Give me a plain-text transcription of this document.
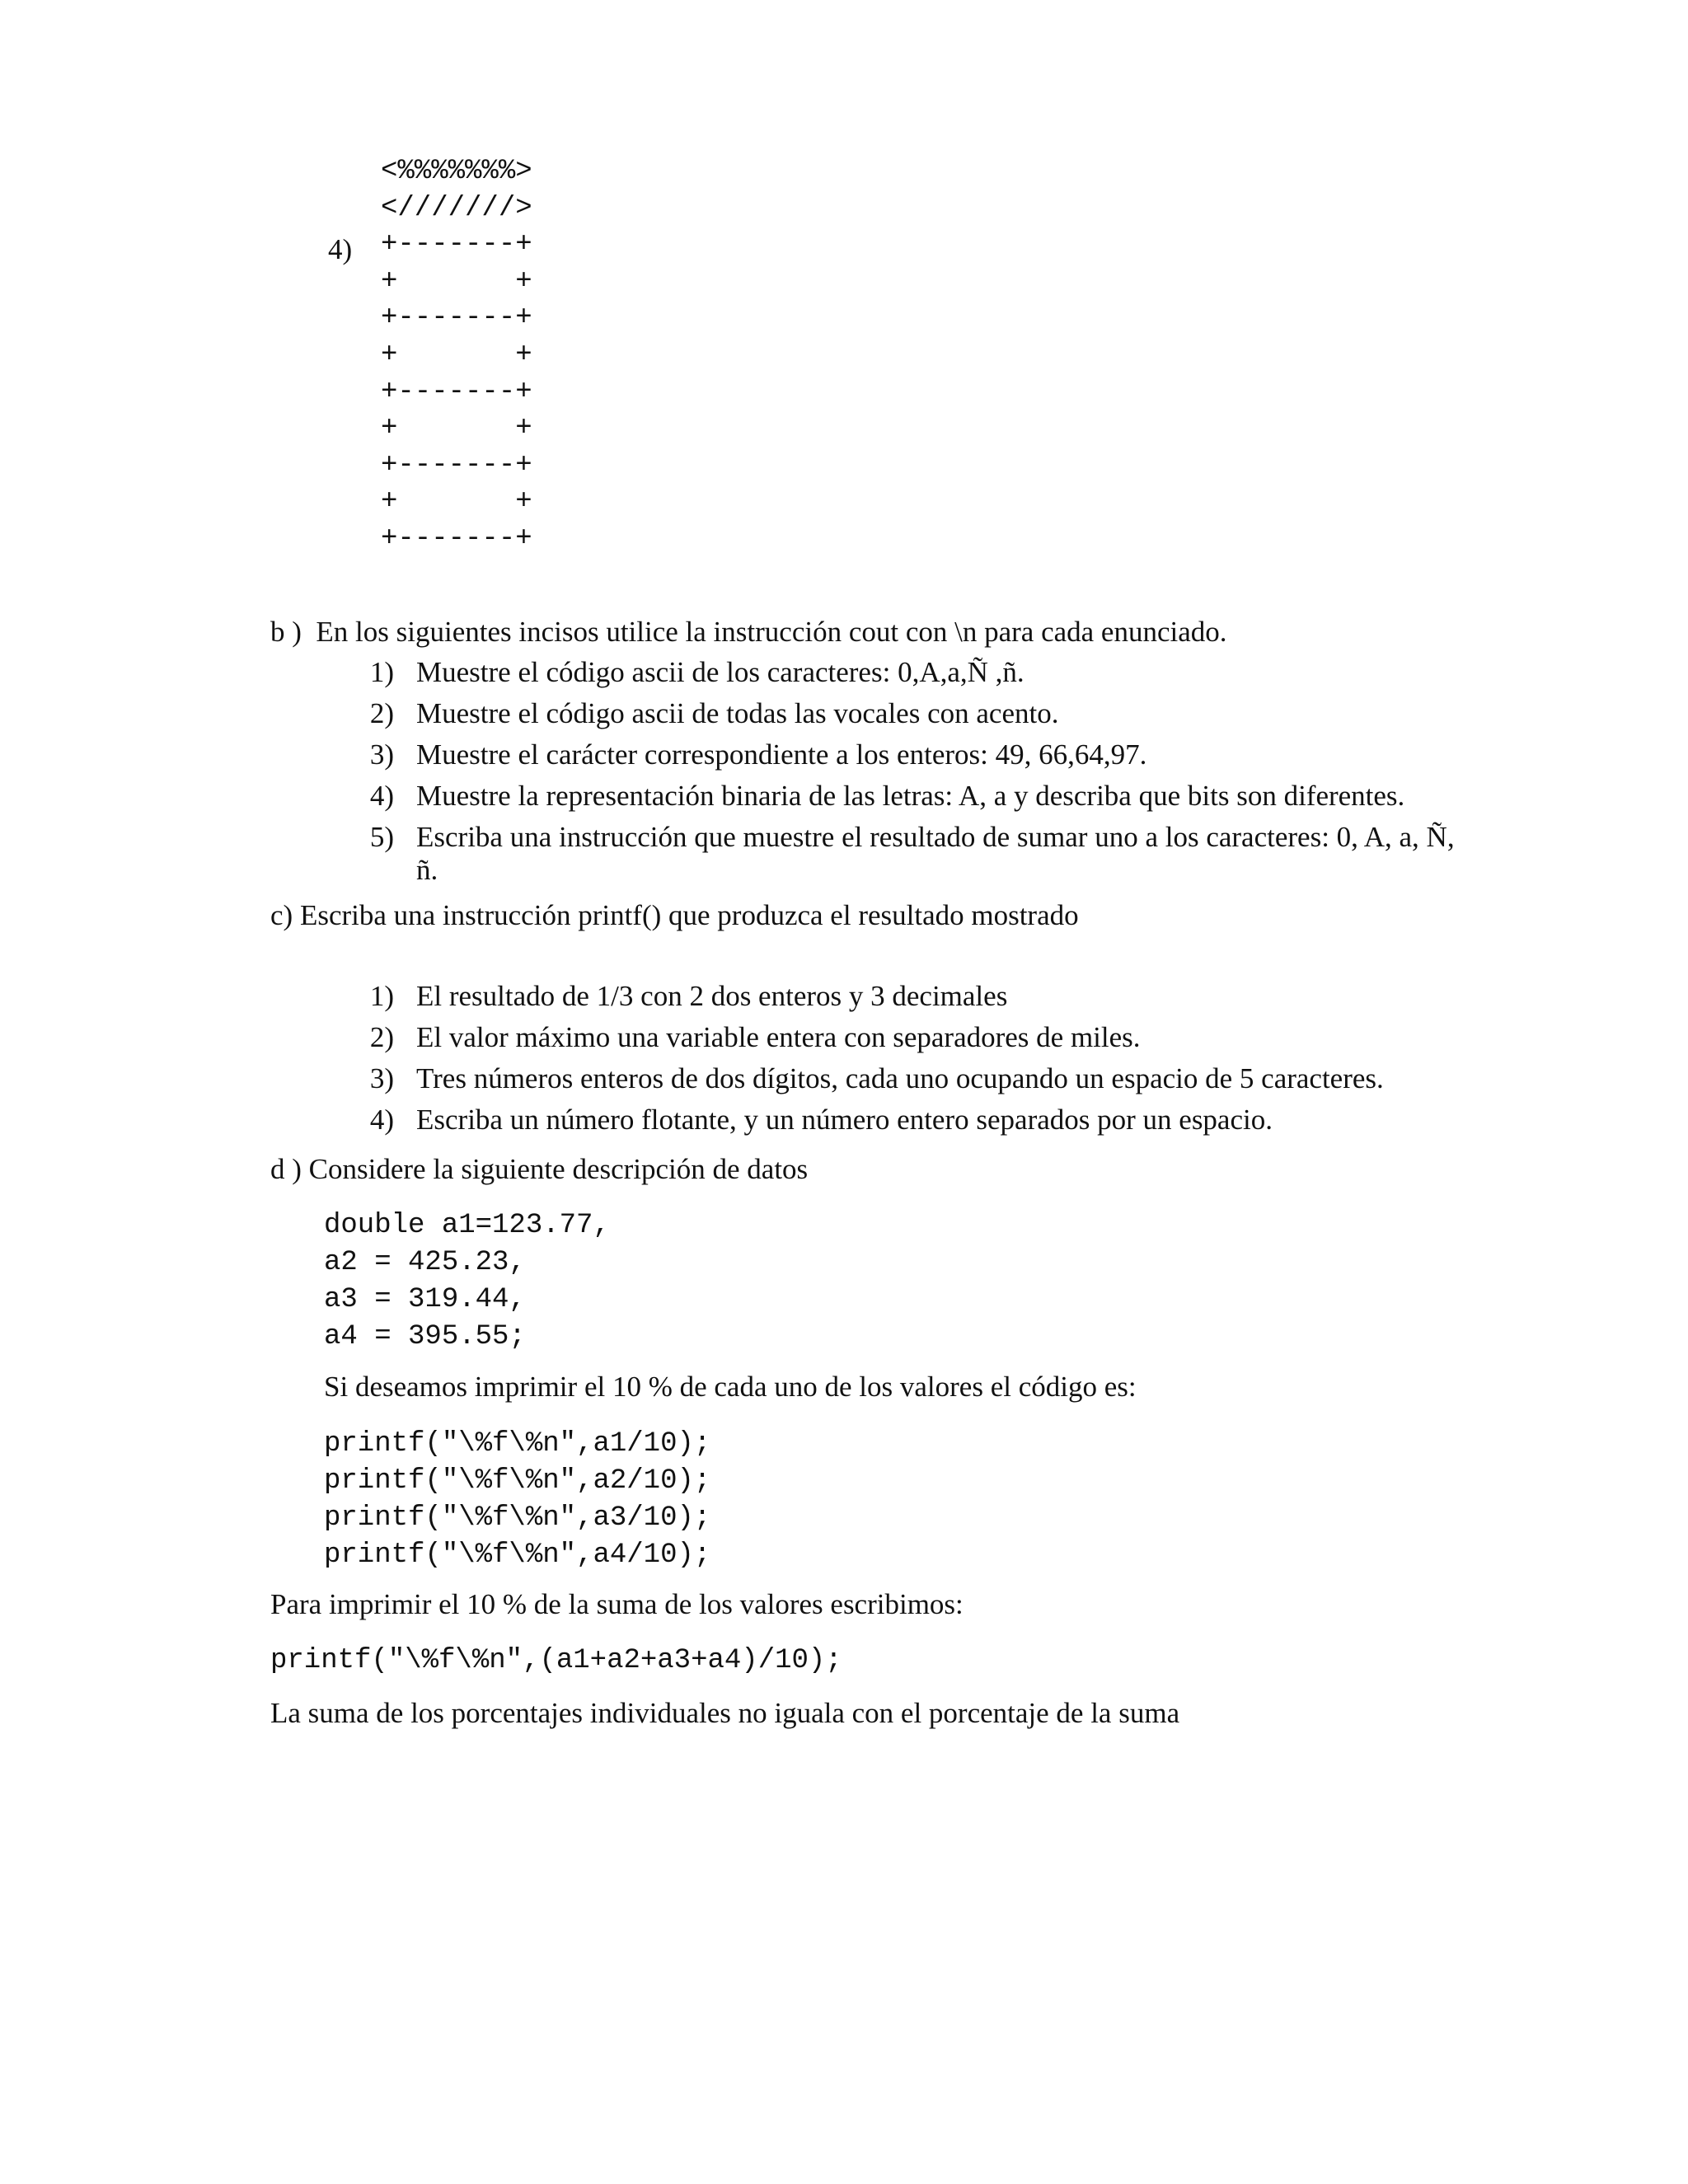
4)
<%%%%%%%>
<///////>
+-------+
+       +
+-------+
+       +
+-------+
+       +
+-------+
+       +
+-------+
b )  En los siguientes incisos utilice la instrucción cout con \n para cada enunciado.
1) Muestre el código ascii de los caracteres: 0,A,a,Ñ ,ñ.
2) Muestre el código ascii de todas las vocales con acento.
3) Muestre el carácter correspondiente a los enteros: 49, 66,64,97.
4) Muestre la representación binaria de las letras: A, a y describa que bits son diferentes.
5) Escriba una instrucción que muestre el resultado de sumar uno a los caracteres: 0, A, a, Ñ,
ñ.
c) Escriba una instrucción printf() que produzca el resultado mostrado
1) El resultado de 1/3 con 2 dos enteros y 3 decimales
2) El valor máximo una variable entera con separadores de miles.
3) Tres números enteros de dos dígitos, cada uno ocupando un espacio de 5 caracteres.
4) Escriba un número flotante, y un número entero separados por un espacio.
d ) Considere la siguiente descripción de datos
double a1=123.77,
a2 = 425.23,
a3 = 319.44,
a4 = 395.55;
Si deseamos imprimir el 10 % de cada uno de los valores el código es:
printf("\%f\%n",a1/10);
printf("\%f\%n",a2/10);
printf("\%f\%n",a3/10);
printf("\%f\%n",a4/10);
Para imprimir el 10 % de la suma de los valores escribimos:
printf("\%f\%n",(a1+a2+a3+a4)/10);
La suma de los porcentajes individuales no iguala con el porcentaje de la suma
